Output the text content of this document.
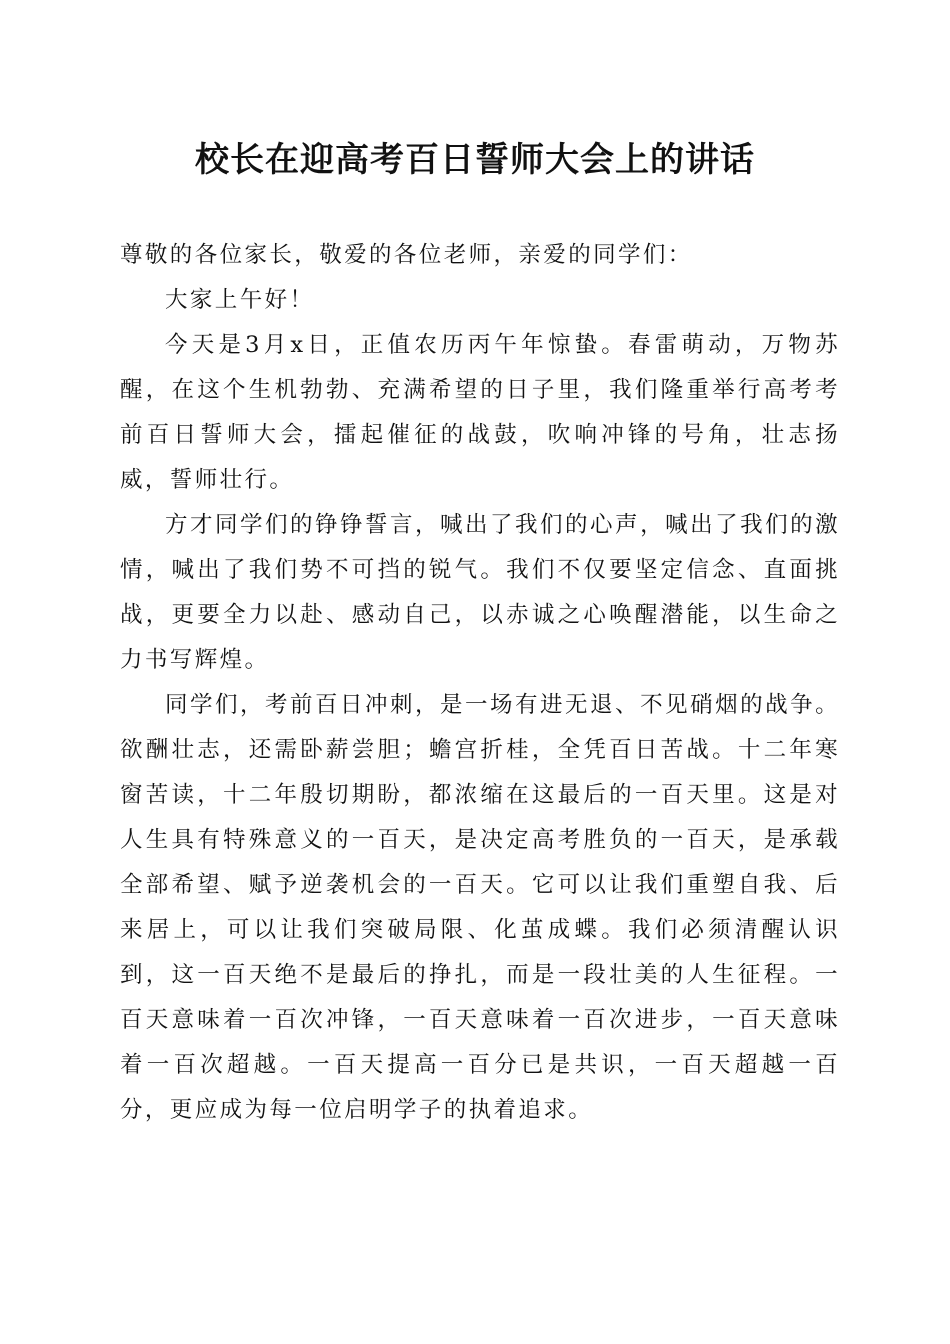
校长在迎高考百日誓师大会上的讲话

尊敬的各位家长，敬爱的各位老师，亲爱的同学们：

大家上午好！

今天是3月x日，正值农历丙午年惊蛰。春雷萌动，万物苏醒，在这个生机勃勃、充满希望的日子里，我们隆重举行高考考前百日誓师大会，擂起催征的战鼓，吹响冲锋的号角，壮志扬威，誓师壮行。

方才同学们的铮铮誓言，喊出了我们的心声，喊出了我们的激情，喊出了我们势不可挡的锐气。我们不仅要坚定信念、直面挑战，更要全力以赴、感动自己，以赤诚之心唤醒潜能，以生命之力书写辉煌。

同学们，考前百日冲刺，是一场有进无退、不见硝烟的战争。欲酬壮志，还需卧薪尝胆；蟾宫折桂，全凭百日苦战。十二年寒窗苦读，十二年殷切期盼，都浓缩在这最后的一百天里。这是对人生具有特殊意义的一百天，是决定高考胜负的一百天，是承载全部希望、赋予逆袭机会的一百天。它可以让我们重塑自我、后来居上，可以让我们突破局限、化茧成蝶。我们必须清醒认识到，这一百天绝不是最后的挣扎，而是一段壮美的人生征程。一百天意味着一百次冲锋，一百天意味着一百次进步，一百天意味着一百次超越。一百天提高一百分已是共识，一百天超越一百分，更应成为每一位启明学子的执着追求。
